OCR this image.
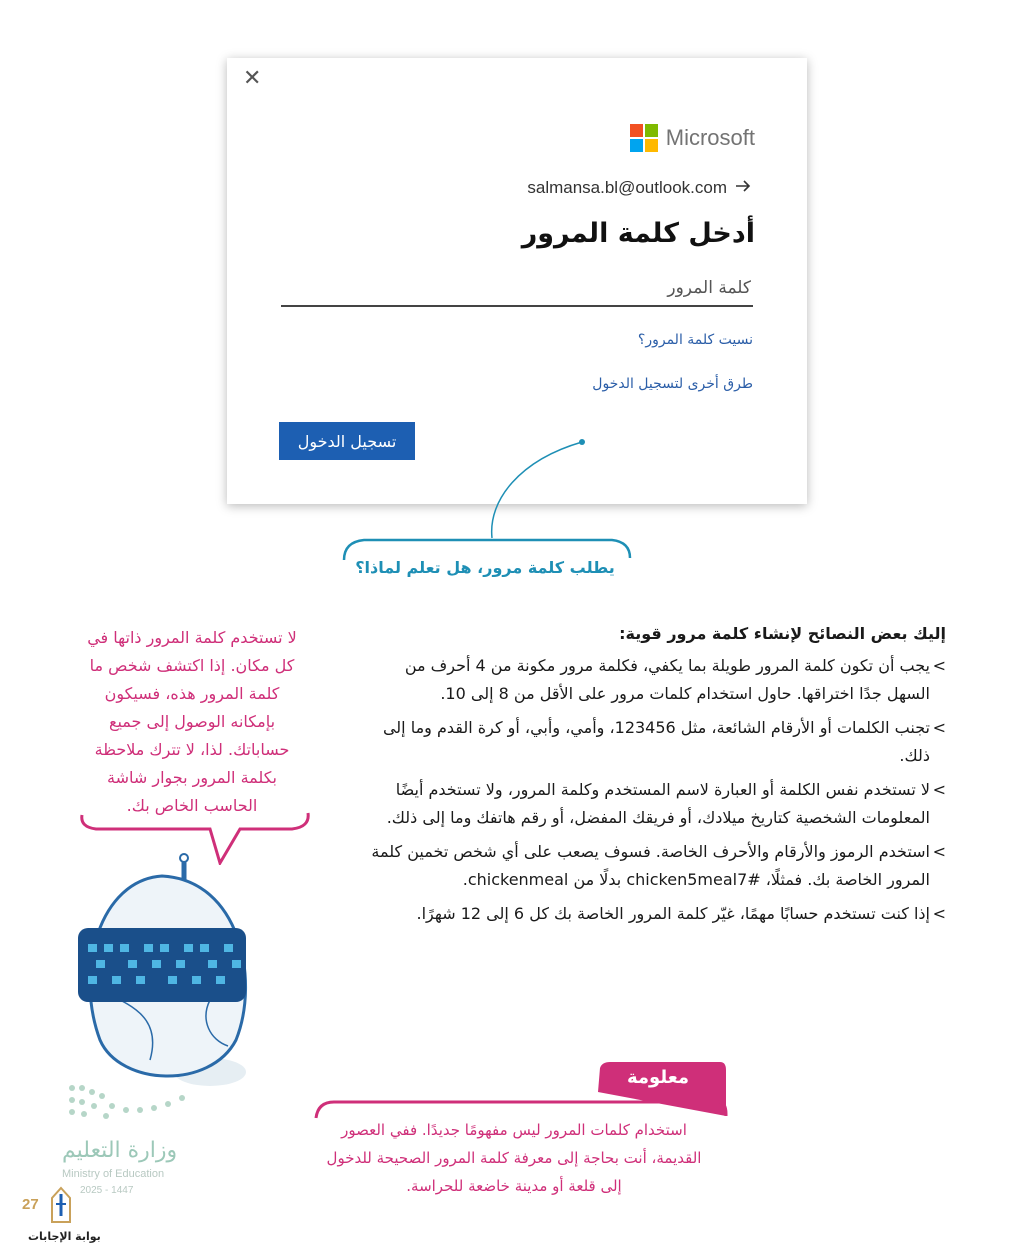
✕
Microsoft
salmansa.bl@outlook.com
أدخل كلمة المرور
نسيت كلمة المرور؟
طرق أخرى لتسجيل الدخول
تسجيل الدخول
يطلب كلمة مرور، هل تعلم لماذا؟
إليك بعض النصائح لإنشاء كلمة مرور قوية:
>
يجب أن تكون كلمة المرور طويلة بما يكفي، فكلمة مرور مكونة من 4 أحرف من السهل جدًا اختراقها. حاول استخدام كلمات مرور على الأقل من 8 إلى 10.
>
تجنب الكلمات أو الأرقام الشائعة، مثل 123456، وأمي، وأبي، أو كرة القدم وما إلى ذلك.
>
لا تستخدم نفس الكلمة أو العبارة لاسم المستخدم وكلمة المرور، ولا تستخدم أيضًا المعلومات الشخصية كتاريخ ميلادك، أو فريقك المفضل، أو رقم هاتفك وما إلى ذلك.
>
استخدم الرموز والأرقام والأحرف الخاصة. فسوف يصعب على أي شخص تخمين كلمة المرور الخاصة بك. فمثلًا، #chicken5meal7 بدلًا من chickenmeal.
>
إذا كنت تستخدم حسابًا مهمًا، غيّر كلمة المرور الخاصة بك كل 6 إلى 12 شهرًا.
لا تستخدم كلمة المرور ذاتها في كل مكان. إذا اكتشف شخص ما كلمة المرور هذه، فسيكون بإمكانه الوصول إلى جميع حساباتك. لذا، لا تترك ملاحظة بكلمة المرور بجوار شاشة الحاسب الخاص بك.
معلومة
استخدام كلمات المرور ليس مفهومًا جديدًا. ففي العصور القديمة، أنت بحاجة إلى معرفة كلمة المرور الصحيحة للدخول إلى قلعة أو مدينة خاضعة للحراسة.
وزارة التعليم
Ministry of Education
2025 - 1447
27
بوابة الإجابات
